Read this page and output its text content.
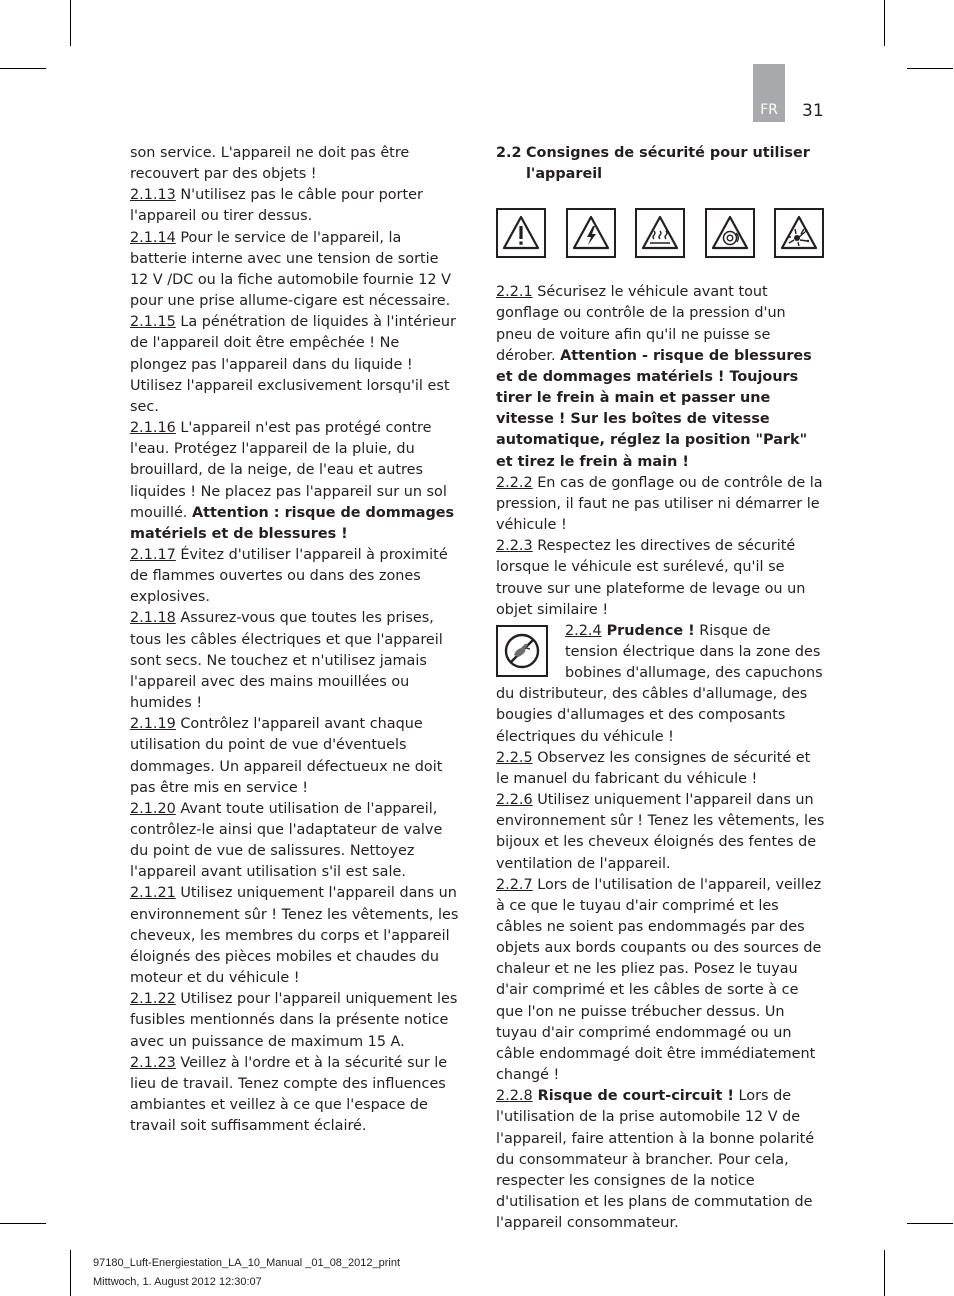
FR	31

son service. L'appareil ne doit pas être recouvert par des objets !

2.1.13 N'utilisez pas le câble pour porter l'appareil ou tirer dessus.

2.1.14 Pour le service de l'appareil, la batterie interne avec une tension de sortie 12 V /DC ou la fiche automobile fournie 12 V pour une prise allume-cigare est nécessaire.

2.1.15 La pénétration de liquides à l'intérieur de l'appareil doit être empêchée ! Ne plongez pas l'appareil dans du liquide ! Utilisez l'appareil exclusivement lorsqu'il est sec.

2.1.16 L'appareil n'est pas protégé contre l'eau. Protégez l'appareil de la pluie, du brouillard, de la neige, de l'eau et autres liquides ! Ne placez pas l'appareil sur un sol mouillé. Attention : risque de dommages matériels et de blessures !

2.1.17 Évitez d'utiliser l'appareil à proximité de flammes ouvertes ou dans des zones explosives.

2.1.18 Assurez-vous que toutes les prises, tous les câbles électriques et que l'appareil sont secs. Ne touchez et n'utilisez jamais l'appareil avec des mains mouillées ou humides !

2.1.19 Contrôlez l'appareil avant chaque utilisation du point de vue d'éventuels dommages. Un appareil défectueux ne doit pas être mis en service !

2.1.20 Avant toute utilisation de l'appareil, contrôlez-le ainsi que l'adaptateur de valve du point de vue de salissures. Nettoyez l'appareil avant utilisation s'il est sale.

2.1.21 Utilisez uniquement l'appareil dans un environnement sûr ! Tenez les vêtements, les cheveux, les membres du corps et l'appareil éloignés des pièces mobiles et chaudes du moteur et du véhicule !

2.1.22 Utilisez pour l'appareil uniquement les fusibles mentionnés dans la présente notice avec un puissance de maximum 15 A.

2.1.23 Veillez à l'ordre et à la sécurité sur le lieu de travail. Tenez compte des influences ambiantes et veillez à ce que l'espace de travail soit suffisamment éclairé.

2.2 Consignes de sécurité pour utiliser l'appareil

2.2.1 Sécurisez le véhicule avant tout gonflage ou contrôle de la pression d'un pneu de voiture afin qu'il ne puisse se dérober. Attention - risque de blessures et de dommages matériels ! Toujours tirer le frein à main et passer une vitesse ! Sur les boîtes de vitesse automatique, réglez la position "Park" et tirez le frein à main !

2.2.2 En cas de gonflage ou de contrôle de la pression, il faut ne pas utiliser ni démarrer le véhicule !

2.2.3 Respectez les directives de sécurité lorsque le véhicule est surélevé, qu'il se trouve sur une plateforme de levage ou un objet similaire !

2.2.4 Prudence ! Risque de tension électrique dans la zone des bobines d'allumage, des capuchons du distributeur, des câbles d'allumage, des bougies d'allumages et des composants électriques du véhicule !

2.2.5 Observez les consignes de sécurité et le manuel du fabricant du véhicule !

2.2.6 Utilisez uniquement l'appareil dans un environnement sûr ! Tenez les vêtements, les bijoux et les cheveux éloignés des fentes de ventilation de l'appareil.

2.2.7 Lors de l'utilisation de l'appareil, veillez à ce que le tuyau d'air comprimé et les câbles ne soient pas endommagés par des objets aux bords coupants ou des sources de chaleur et ne les pliez pas. Posez le tuyau d'air comprimé et les câbles de sorte à ce que l'on ne puisse trébucher dessus. Un tuyau d'air comprimé endommagé ou un câble endommagé doit être immédiatement changé !

2.2.8 Risque de court-circuit ! Lors de l'utilisation de la prise automobile 12 V de l'appareil, faire attention à la bonne polarité du consommateur à brancher. Pour cela, respecter les consignes de la notice d'utilisation et les plans de commutation de l'appareil consommateur.

97180_Luft-Energiestation_LA_10_Manual _01_08_2012_print
Mittwoch, 1. August 2012 12:30:07
